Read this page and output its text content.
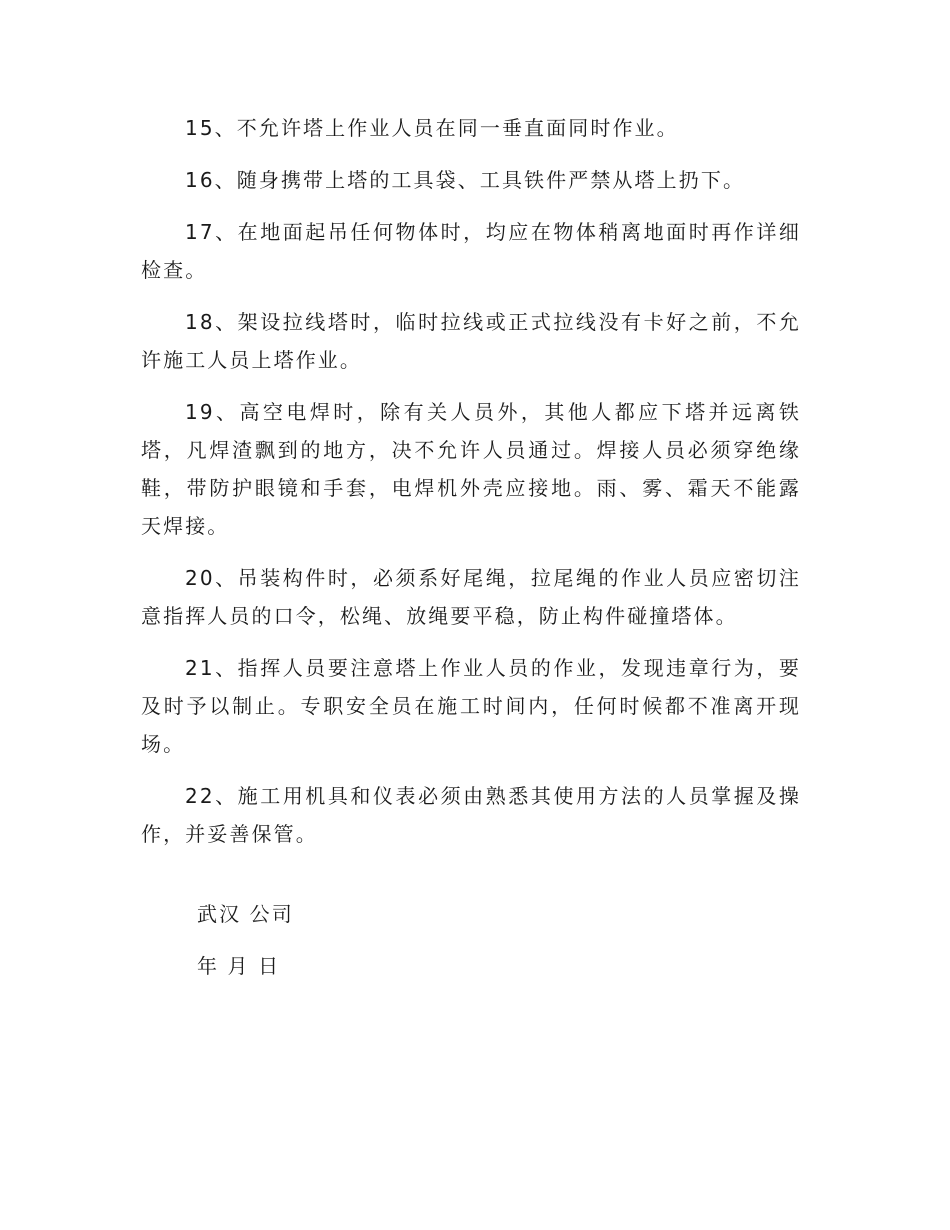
15、不允许塔上作业人员在同一垂直面同时作业。

16、随身携带上塔的工具袋、工具铁件严禁从塔上扔下。

17、在地面起吊任何物体时，均应在物体稍离地面时再作详细检查。

18、架设拉线塔时，临时拉线或正式拉线没有卡好之前，不允许施工人员上塔作业。

19、高空电焊时，除有关人员外，其他人都应下塔并远离铁塔，凡焊渣飘到的地方，决不允许人员通过。焊接人员必须穿绝缘鞋，带防护眼镜和手套，电焊机外壳应接地。雨、雾、霜天不能露天焊接。

20、吊装构件时，必须系好尾绳，拉尾绳的作业人员应密切注意指挥人员的口令，松绳、放绳要平稳，防止构件碰撞塔体。

21、指挥人员要注意塔上作业人员的作业，发现违章行为，要及时予以制止。专职安全员在施工时间内，任何时候都不准离开现场。

22、施工用机具和仪表必须由熟悉其使用方法的人员掌握及操作，并妥善保管。

武汉 公司
年 月 日
